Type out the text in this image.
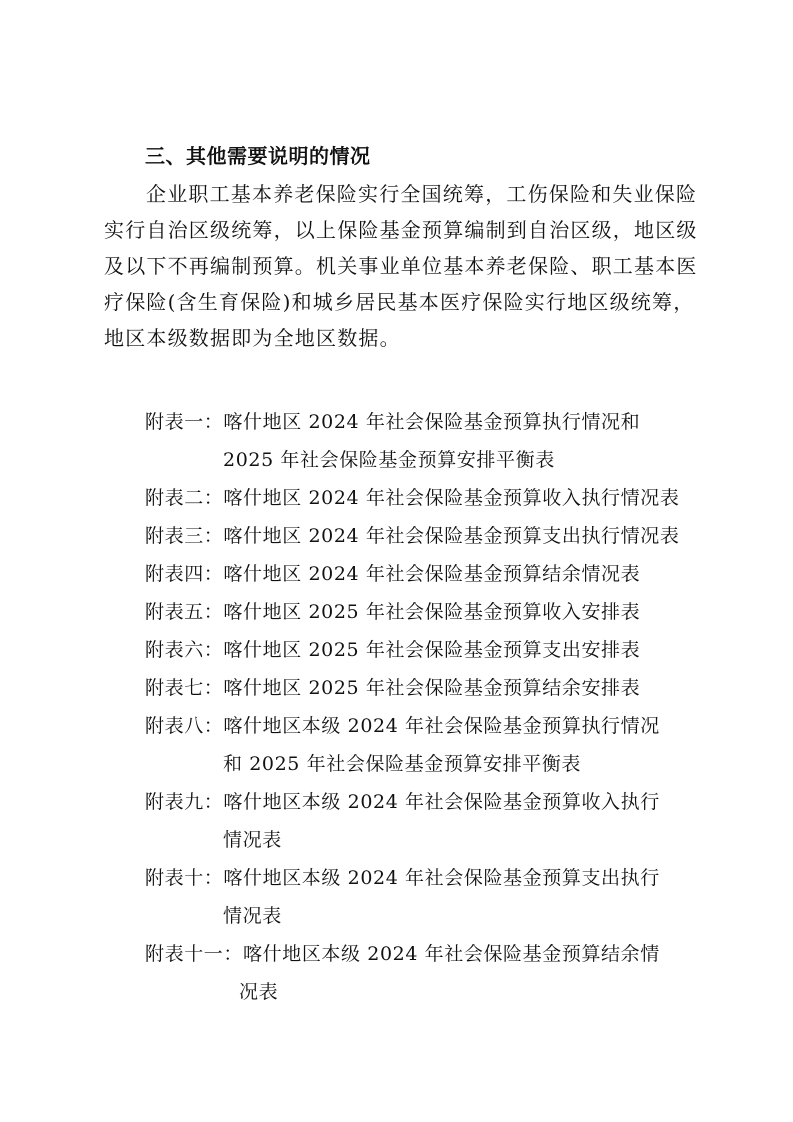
三、其他需要说明的情况
企业职工基本养老保险实行全国统筹，工伤保险和失业保险
实行自治区级统筹，以上保险基金预算编制到自治区级，地区级
及以下不再编制预算。机关事业单位基本养老保险、职工基本医
疗保险(含生育保险)和城乡居民基本医疗保险实行地区级统筹，
地区本级数据即为全地区数据。
附表一：喀什地区 2024 年社会保险基金预算执行情况和
2025 年社会保险基金预算安排平衡表
附表二：喀什地区 2024 年社会保险基金预算收入执行情况表
附表三：喀什地区 2024 年社会保险基金预算支出执行情况表
附表四：喀什地区 2024 年社会保险基金预算结余情况表
附表五：喀什地区 2025 年社会保险基金预算收入安排表
附表六：喀什地区 2025 年社会保险基金预算支出安排表
附表七：喀什地区 2025 年社会保险基金预算结余安排表
附表八：喀什地区本级 2024 年社会保险基金预算执行情况
和 2025 年社会保险基金预算安排平衡表
附表九：喀什地区本级 2024 年社会保险基金预算收入执行
情况表
附表十：喀什地区本级 2024 年社会保险基金预算支出执行
情况表
附表十一：喀什地区本级 2024 年社会保险基金预算结余情
况表
